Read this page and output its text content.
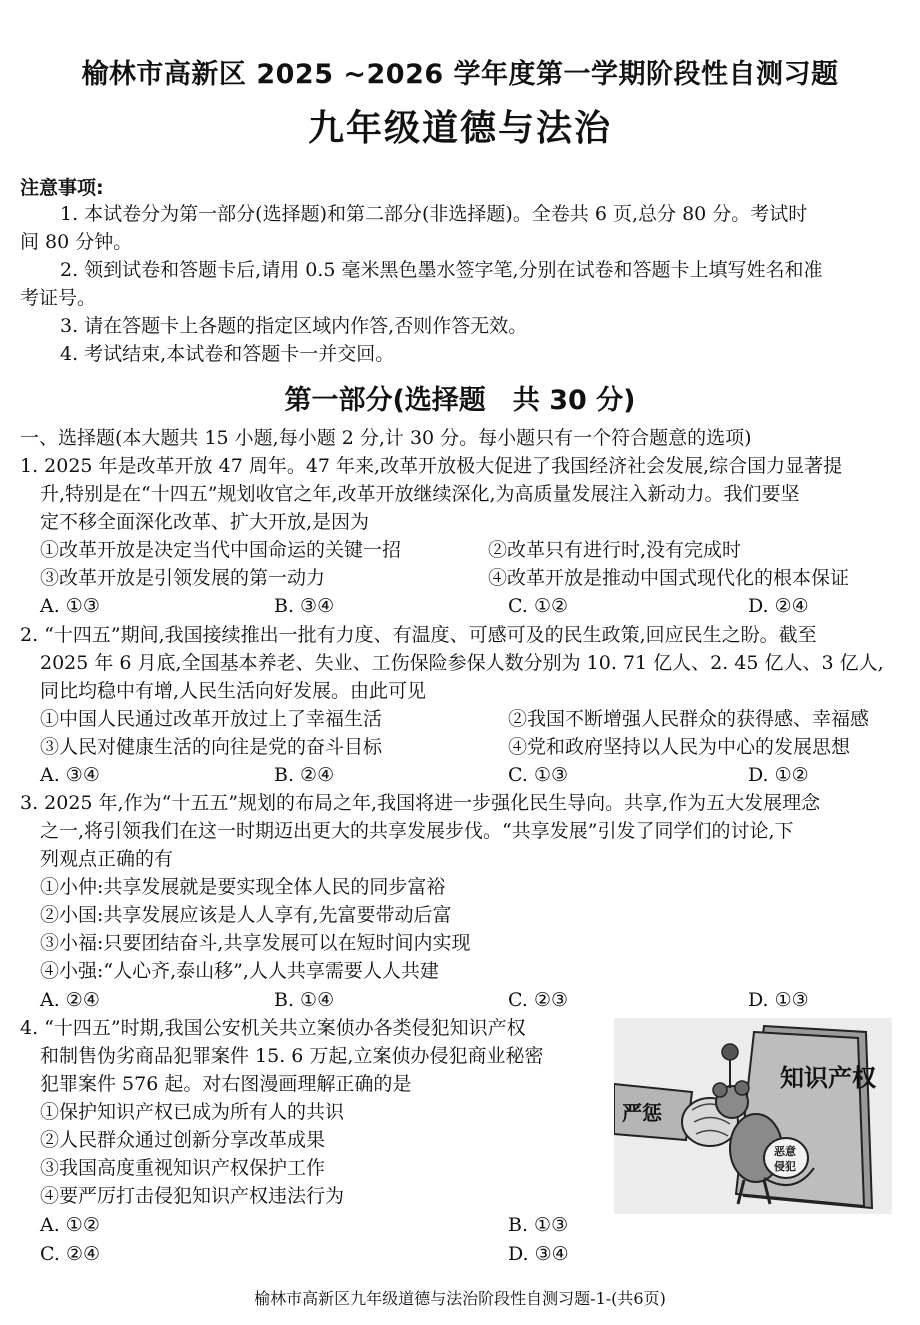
榆林市高新区 2025 ~2026 学年度第一学期阶段性自测习题
九年级道德与法治
注意事项:
1. 本试卷分为第一部分(选择题)和第二部分(非选择题)。全卷共 6 页,总分 80 分。考试时
间 80 分钟。
2. 领到试卷和答题卡后,请用 0.5 毫米黑色墨水签字笔,分别在试卷和答题卡上填写姓名和准
考证号。
3. 请在答题卡上各题的指定区域内作答,否则作答无效。
4. 考试结束,本试卷和答题卡一并交回。
第一部分(选择题　共 30 分)
一、选择题(本大题共 15 小题,每小题 2 分,计 30 分。每小题只有一个符合题意的选项)
1. 2025 年是改革开放 47 周年。47 年来,改革开放极大促进了我国经济社会发展,综合国力显著提
升,特别是在“十四五”规划收官之年,改革开放继续深化,为高质量发展注入新动力。我们要坚
定不移全面深化改革、扩大开放,是因为
①改革开放是决定当代中国命运的关键一招	②改革只有进行时,没有完成时
③改革开放是引领发展的第一动力	④改革开放是推动中国式现代化的根本保证
A. ①③	B. ③④	C. ①②	D. ②④
2. “十四五”期间,我国接续推出一批有力度、有温度、可感可及的民生政策,回应民生之盼。截至
2025 年 6 月底,全国基本养老、失业、工伤保险参保人数分别为 10. 71 亿人、2. 45 亿人、3 亿人,
同比均稳中有增,人民生活向好发展。由此可见
①中国人民通过改革开放过上了幸福生活	②我国不断增强人民群众的获得感、幸福感
③人民对健康生活的向往是党的奋斗目标	④党和政府坚持以人民为中心的发展思想
A. ③④	B. ②④	C. ①③	D. ①②
3. 2025 年,作为“十五五”规划的布局之年,我国将进一步强化民生导向。共享,作为五大发展理念
之一,将引领我们在这一时期迈出更大的共享发展步伐。“共享发展”引发了同学们的讨论,下
列观点正确的有
①小仲:共享发展就是要实现全体人民的同步富裕
②小国:共享发展应该是人人享有,先富要带动后富
③小福:只要团结奋斗,共享发展可以在短时间内实现
④小强:“人心齐,泰山移”,人人共享需要人人共建
A. ②④	B. ①④	C. ②③	D. ①③
4. “十四五”时期,我国公安机关共立案侦办各类侵犯知识产权
和制售伪劣商品犯罪案件 15. 6 万起,立案侦办侵犯商业秘密
犯罪案件 576 起。对右图漫画理解正确的是
①保护知识产权已成为所有人的共识
②人民群众通过创新分享改革成果
③我国高度重视知识产权保护工作
④要严厉打击侵犯知识产权违法行为
A. ①②	B. ①③
C. ②④	D. ③④
知识产权
严惩
恶意
侵犯
榆林市高新区九年级道德与法治阶段性自测习题-1-(共6页)
